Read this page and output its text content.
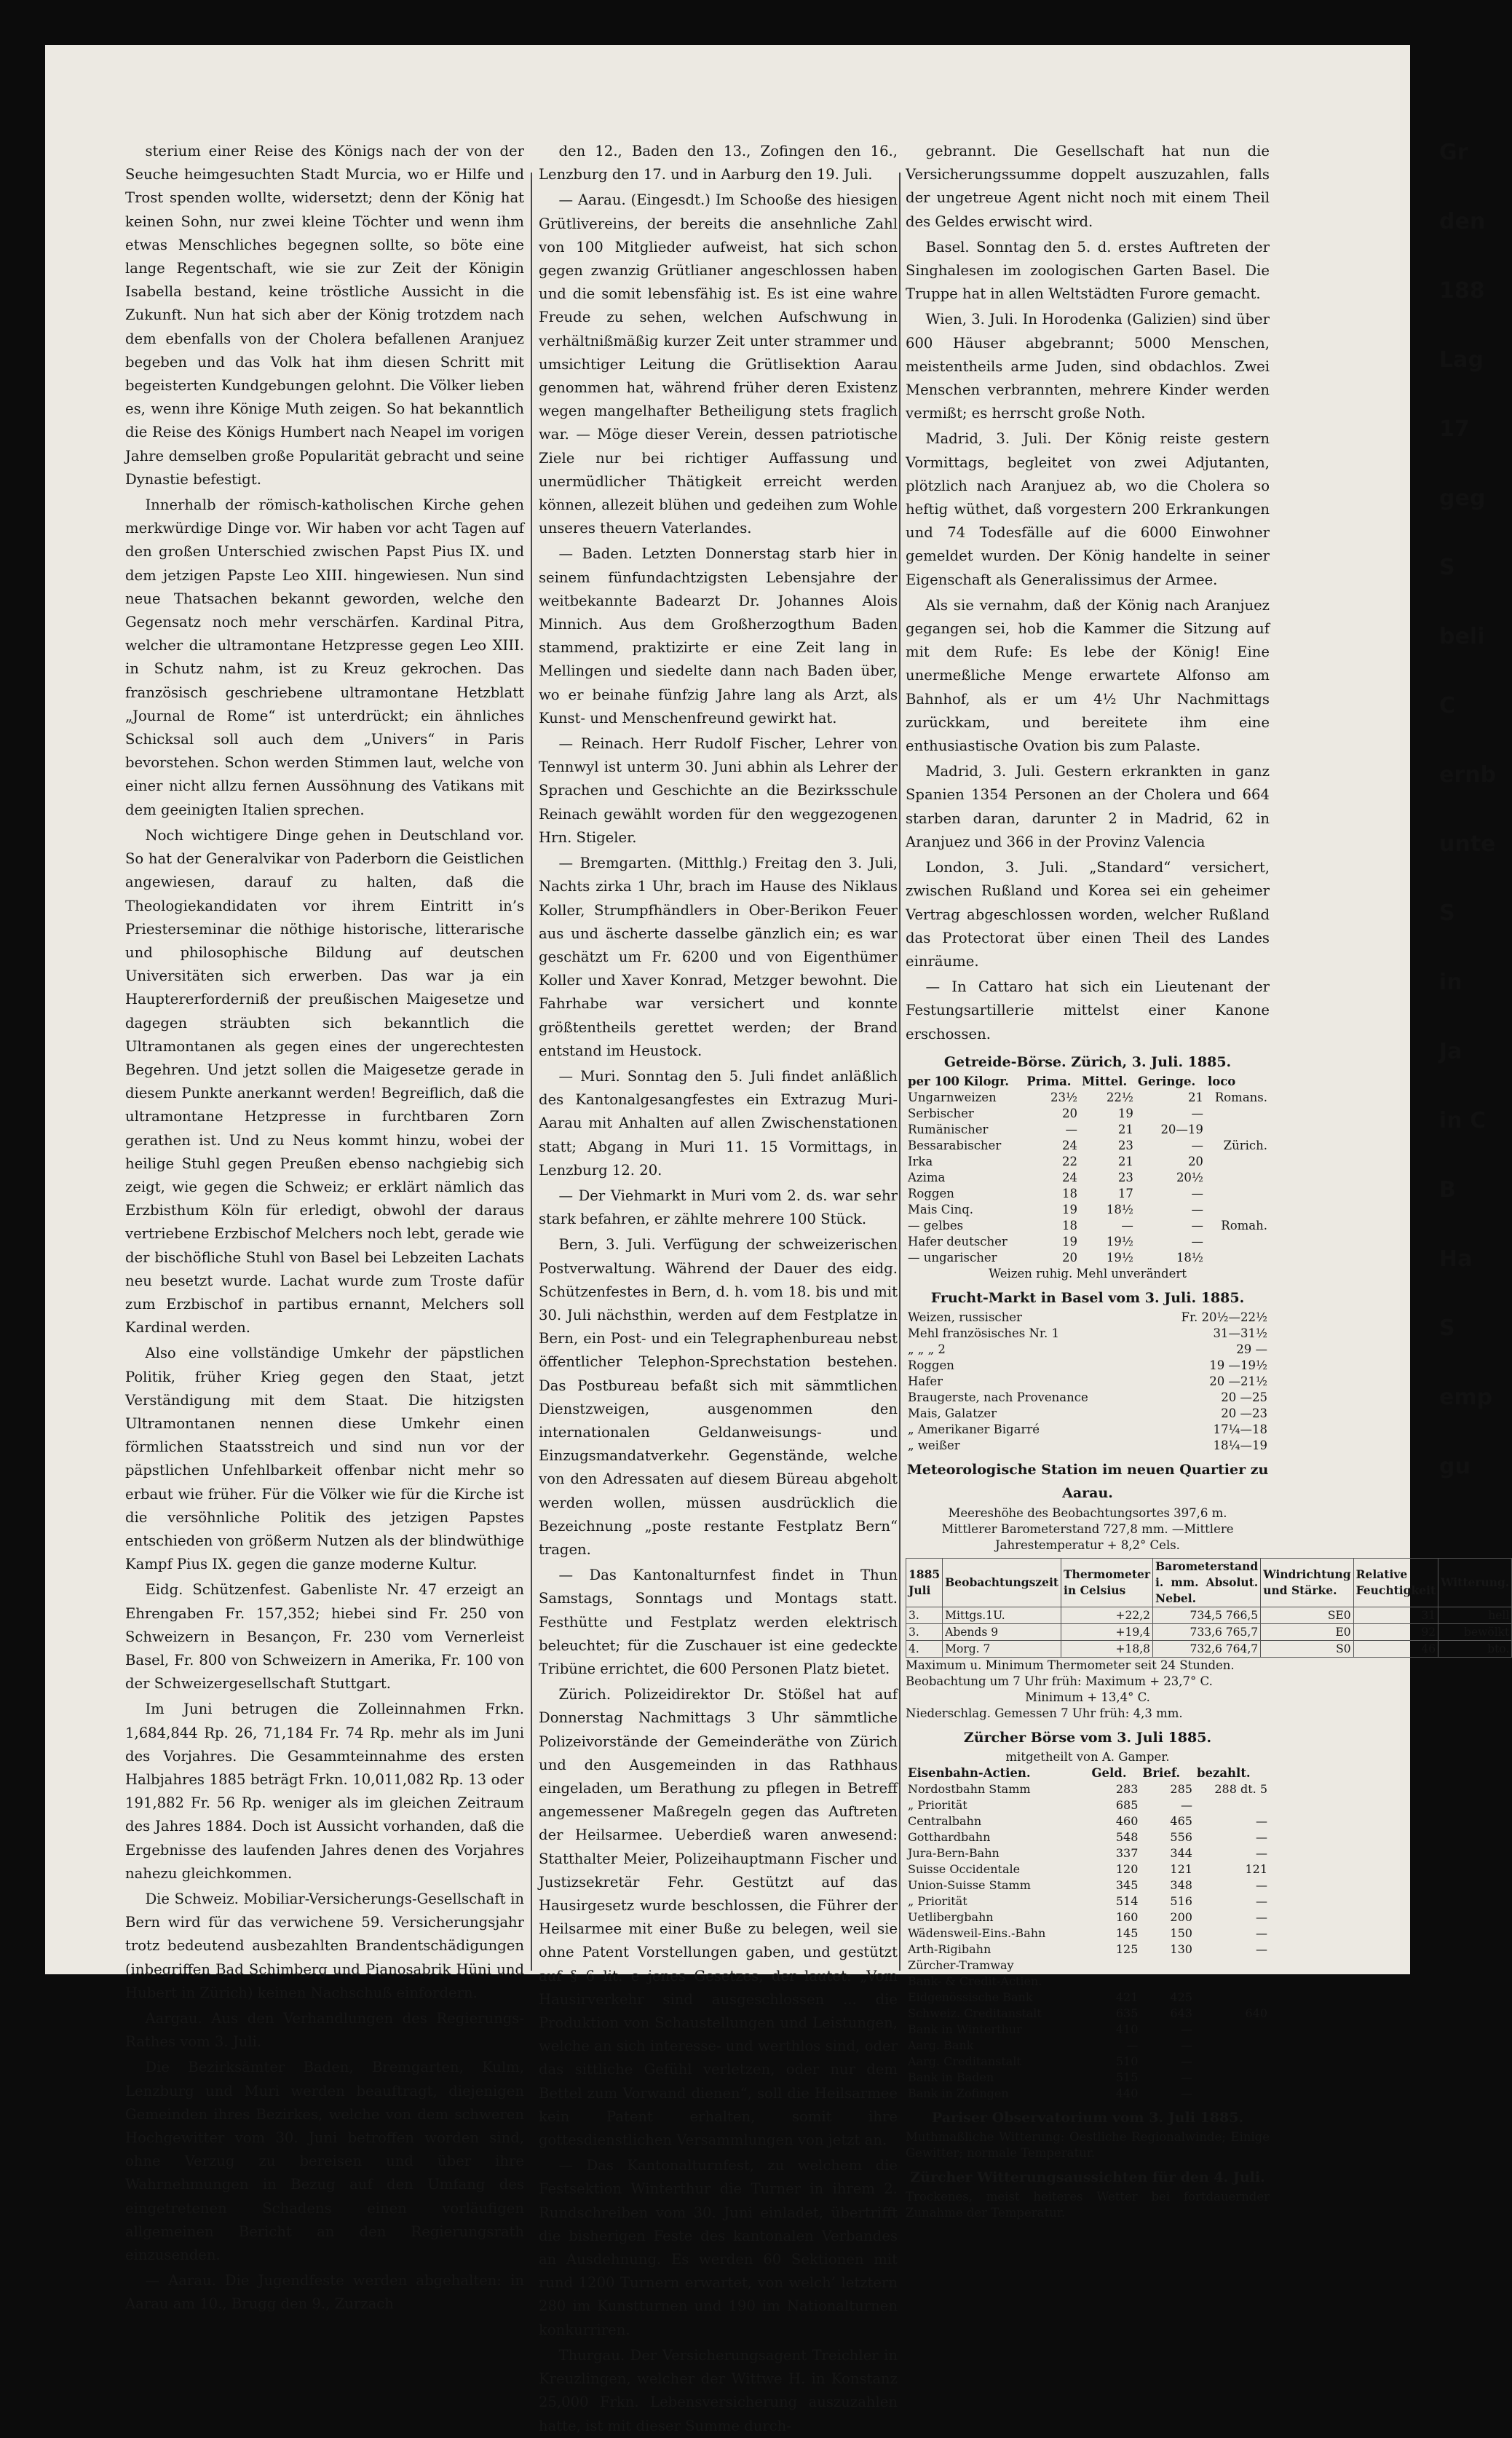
sterium einer Reise des Königs nach der von der Seuche heimgesuchten Stadt Murcia, wo er Hilfe und Trost spenden wollte, widersetzt; denn der König hat keinen Sohn, nur zwei kleine Töchter und wenn ihm etwas Menschliches begegnen sollte, so böte eine lange Regentschaft, wie sie zur Zeit der Königin Isabella bestand, keine tröstliche Aussicht in die Zukunft. Nun hat sich aber der König trotzdem nach dem ebenfalls von der Cholera befallenen Aranjuez begeben und das Volk hat ihm diesen Schritt mit begeisterten Kundgebungen gelohnt. Die Völker lieben es, wenn ihre Könige Muth zeigen. So hat bekanntlich die Reise des Königs Humbert nach Neapel im vorigen Jahre demselben große Popularität gebracht und seine Dynastie befestigt.

Innerhalb der römisch-katholischen Kirche gehen merkwürdige Dinge vor. Wir haben vor acht Tagen auf den großen Unterschied zwischen Papst Pius IX. und dem jetzigen Papste Leo XIII. hingewiesen. Nun sind neue Thatsachen bekannt geworden, welche den Gegensatz noch mehr verschärfen. Kardinal Pitra, welcher die ultramontane Hetzpresse gegen Leo XIII. in Schutz nahm, ist zu Kreuz gekrochen. Das französisch geschriebene ultramontane Hetzblatt „Journal de Rome“ ist unterdrückt; ein ähnliches Schicksal soll auch dem „Univers“ in Paris bevorstehen. Schon werden Stimmen laut, welche von einer nicht allzu fernen Aussöhnung des Vatikans mit dem geeinigten Italien sprechen.

Noch wichtigere Dinge gehen in Deutschland vor. So hat der Generalvikar von Paderborn die Geistlichen angewiesen, darauf zu halten, daß die Theologiekandidaten vor ihrem Eintritt in’s Priesterseminar die nöthige historische, litterarische und philosophische Bildung auf deutschen Universitäten sich erwerben. Das war ja ein Hauptererforderniß der preußischen Maigesetze und dagegen sträubten sich bekanntlich die Ultramontanen als gegen eines der ungerechtesten Begehren. Und jetzt sollen die Maigesetze gerade in diesem Punkte anerkannt werden! Begreiflich, daß die ultramontane Hetzpresse in furchtbaren Zorn gerathen ist. Und zu Neus kommt hinzu, wobei der heilige Stuhl gegen Preußen ebenso nachgiebig sich zeigt, wie gegen die Schweiz; er erklärt nämlich das Erzbisthum Köln für erledigt, obwohl der daraus vertriebene Erzbischof Melchers noch lebt, gerade wie der bischöfliche Stuhl von Basel bei Lebzeiten Lachats neu besetzt wurde. Lachat wurde zum Troste dafür zum Erzbischof in partibus ernannt, Melchers soll Kardinal werden.

Also eine vollständige Umkehr der päpstlichen Politik, früher Krieg gegen den Staat, jetzt Verständigung mit dem Staat. Die hitzigsten Ultramontanen nennen diese Umkehr einen förmlichen Staatsstreich und sind nun vor der päpstlichen Unfehlbarkeit offenbar nicht mehr so erbaut wie früher. Für die Völker wie für die Kirche ist die versöhnliche Politik des jetzigen Papstes entschieden von größerm Nutzen als der blindwüthige Kampf Pius IX. gegen die ganze moderne Kultur.

Eidg. Schützenfest. Gabenliste Nr. 47 erzeigt an Ehrengaben Fr. 157,352; hiebei sind Fr. 250 von Schweizern in Besançon, Fr. 230 vom Vernerleist Basel, Fr. 800 von Schweizern in Amerika, Fr. 100 von der Schweizergesellschaft Stuttgart.

Im Juni betrugen die Zolleinnahmen Frkn. 1,684,844 Rp. 26, 71,184 Fr. 74 Rp. mehr als im Juni des Vorjahres. Die Gesammteinnahme des ersten Halbjahres 1885 beträgt Frkn. 10,011,082 Rp. 13 oder 191,882 Fr. 56 Rp. weniger als im gleichen Zeitraum des Jahres 1884. Doch ist Aussicht vorhanden, daß die Ergebnisse des laufenden Jahres denen des Vorjahres nahezu gleichkommen.

Die Schweiz. Mobiliar-Versicherungs-Gesellschaft in Bern wird für das verwichene 59. Versicherungsjahr trotz bedeutend ausbezahlten Brandentschädigungen (inbegriffen Bad Schimberg und Pianosabrik Hüni und Hubert in Zürich) keinen Nachschuß einfordern.

Aargau. Aus den Verhandlungen des Regierungs-Rathes vom 3. Juli.

Die Bezirksämter Baden, Bremgarten, Kulm, Lenzburg und Muri werden beauftragt, diejenigen Gemeinden ihres Bezirkes, welche von dem schweren Hochgewitter vom 30. Juni betroffen worden sind, ohne Verzug zu bereisen und über ihre Wahrnehmungen in Bezug auf den Umfang des eingetretenen Schadens einen vorläufigen allgemeinen Bericht an den Regierungsrath einzusenden.

— Aarau. Die Jugendfeste werden abgehalten: in Aarau am 10., Brugg den 9., Zurzach

den 12., Baden den 13., Zofingen den 16., Lenzburg den 17. und in Aarburg den 19. Juli.

— Aarau. (Eingesdt.) Im Schooße des hiesigen Grütlivereins, der bereits die ansehnliche Zahl von 100 Mitglieder aufweist, hat sich schon gegen zwanzig Grütlianer angeschlossen haben und die somit lebensfähig ist. Es ist eine wahre Freude zu sehen, welchen Aufschwung in verhältnißmäßig kurzer Zeit unter strammer und umsichtiger Leitung die Grütlisektion Aarau genommen hat, während früher deren Existenz wegen mangelhafter Betheiligung stets fraglich war. — Möge dieser Verein, dessen patriotische Ziele nur bei richtiger Auffassung und unermüdlicher Thätigkeit erreicht werden können, allezeit blühen und gedeihen zum Wohle unseres theuern Vaterlandes.

— Baden. Letzten Donnerstag starb hier in seinem fünfundachtzigsten Lebensjahre der weitbekannte Badearzt Dr. Johannes Alois Minnich. Aus dem Großherzogthum Baden stammend, praktizirte er eine Zeit lang in Mellingen und siedelte dann nach Baden über, wo er beinahe fünfzig Jahre lang als Arzt, als Kunst- und Menschenfreund gewirkt hat.

— Reinach. Herr Rudolf Fischer, Lehrer von Tennwyl ist unterm 30. Juni abhin als Lehrer der Sprachen und Geschichte an die Bezirksschule Reinach gewählt worden für den weggezogenen Hrn. Stigeler.

— Bremgarten. (Mitthlg.) Freitag den 3. Juli, Nachts zirka 1 Uhr, brach im Hause des Niklaus Koller, Strumpfhändlers in Ober-Berikon Feuer aus und äscherte dasselbe gänzlich ein; es war geschätzt um Fr. 6200 und von Eigenthümer Koller und Xaver Konrad, Metzger bewohnt. Die Fahrhabe war versichert und konnte größtentheils gerettet werden; der Brand entstand im Heustock.

— Muri. Sonntag den 5. Juli findet anläßlich des Kantonalgesangfestes ein Extrazug Muri-Aarau mit Anhalten auf allen Zwischenstationen statt; Abgang in Muri 11. 15 Vormittags, in Lenzburg 12. 20.

— Der Viehmarkt in Muri vom 2. ds. war sehr stark befahren, er zählte mehrere 100 Stück.

Bern, 3. Juli. Verfügung der schweizerischen Postverwaltung. Während der Dauer des eidg. Schützenfestes in Bern, d. h. vom 18. bis und mit 30. Juli nächsthin, werden auf dem Festplatze in Bern, ein Post- und ein Telegraphenbureau nebst öffentlicher Telephon-Sprechstation bestehen. Das Postbureau befaßt sich mit sämmtlichen Dienstzweigen, ausgenommen den internationalen Geldanweisungs- und Einzugsmandatverkehr. Gegenstände, welche von den Adressaten auf diesem Büreau abgeholt werden wollen, müssen ausdrücklich die Bezeichnung „poste restante Festplatz Bern“ tragen.

— Das Kantonalturnfest findet in Thun Samstags, Sonntags und Montags statt. Festhütte und Festplatz werden elektrisch beleuchtet; für die Zuschauer ist eine gedeckte Tribüne errichtet, die 600 Personen Platz bietet.

Zürich. Polizeidirektor Dr. Stößel hat auf Donnerstag Nachmittags 3 Uhr sämmtliche Polizeivorstände der Gemeinderäthe von Zürich und den Ausgemeinden in das Rathhaus eingeladen, um Berathung zu pflegen in Betreff angemessener Maßregeln gegen das Auftreten der Heilsarmee. Ueberdieß waren anwesend: Statthalter Meier, Polizeihauptmann Fischer und Justizsekretär Fehr. Gestützt auf das Hausirgesetz wurde beschlossen, die Führer der Heilsarmee mit einer Buße zu belegen, weil sie ohne Patent Vorstellungen gaben, und gestützt auf § 6 lit. e jenes Gesetzes, der lautet: „Vom Hausirverkehr sind ausgeschlossen ... die Produktion von Schaustellungen und Leistungen, welche an sich interesse- und werthlos sind, oder das sittliche Gefühl verletzen, oder nur dem Bettel zum Vorwand dienen“, soll die Heilsarmee kein Patent erhalten, somit ihre gottesdienstlichen Versammlungen von jetzt an.

— Das Kantonalturnfest, zu welchem die Festsektion Winterthur die Turner in ihrem 2. Rundschreiben vom 30. Juni einladet, übertrifft die bisherigen Feste des kantonalen Verbandes an Ausdehnung. Es werden 60 Sektionen mit rund 1200 Turnern erwartet, von welch’ letztern 280 im Kunstturnen und 190 im Nationalturnen konkurriren.

Thurgau. Der Versicherungsagent Treichler in Kreuzlingen, welcher der Wittwe H. in Konstanz 25,000 Frkn. Lebensversicherung auszuzahlen hatte, ist mit dieser Summe durch-

gebrannt. Die Gesellschaft hat nun die Versicherungssumme doppelt auszuzahlen, falls der ungetreue Agent nicht noch mit einem Theil des Geldes erwischt wird.

Basel. Sonntag den 5. d. erstes Auftreten der Singhalesen im zoologischen Garten Basel. Die Truppe hat in allen Weltstädten Furore gemacht.

Wien, 3. Juli. In Horodenka (Galizien) sind über 600 Häuser abgebrannt; 5000 Menschen, meistentheils arme Juden, sind obdachlos. Zwei Menschen verbrannten, mehrere Kinder werden vermißt; es herrscht große Noth.

Madrid, 3. Juli. Der König reiste gestern Vormittags, begleitet von zwei Adjutanten, plötzlich nach Aranjuez ab, wo die Cholera so heftig wüthet, daß vorgestern 200 Erkrankungen und 74 Todesfälle auf die 6000 Einwohner gemeldet wurden. Der König handelte in seiner Eigenschaft als Generalissimus der Armee.

Als sie vernahm, daß der König nach Aranjuez gegangen sei, hob die Kammer die Sitzung auf mit dem Rufe: Es lebe der König! Eine unermeßliche Menge erwartete Alfonso am Bahnhof, als er um 4½ Uhr Nachmittags zurückkam, und bereitete ihm eine enthusiastische Ovation bis zum Palaste.

Madrid, 3. Juli. Gestern erkrankten in ganz Spanien 1354 Personen an der Cholera und 664 starben daran, darunter 2 in Madrid, 62 in Aranjuez und 366 in der Provinz Valencia

London, 3. Juli. „Standard“ versichert, zwischen Rußland und Korea sei ein geheimer Vertrag abgeschlossen worden, welcher Rußland das Protectorat über einen Theil des Landes einräume.

— In Cattaro hat sich ein Lieutenant der Festungsartillerie mittelst einer Kanone erschossen.

Getreide-Börse. Zürich, 3. Juli. 1885.
per 100 Kilogr.	Prima.	Mittel.	Geringe.	loco
Ungarnweizen	23½	22½	21	Romans.
Serbischer	20	19	—	
Rumänischer	—	21	20—19	
Bessarabischer	24	23	—	Zürich.
Irka	22	21	20	
Azima	24	23	20½	
Roggen	18	17	—	
Mais Cinq.	19	18½	—	
— gelbes	18	—	—	Romah.
Hafer deutscher	19	19½	—	
— ungarischer	20	19½	18½	
Weizen ruhig. Mehl unverändert
Frucht-Markt in Basel vom 3. Juli. 1885.
Weizen, russischer	Fr. 20½—22½
Mehl französisches Nr. 1	31—31½
„ „ „ 2	29 —
Roggen	19 —19½
Hafer	20 —21½
Braugerste, nach Provenance	20 —25
Mais, Galatzer	20 —23
„ Amerikaner Bigarré	17¼—18
„ weißer	18¼—19
Meteorologische Station im neuen Quartier zu Aarau.
Meereshöhe des Beobachtungsortes 397,6 m.
Mittlerer Barometerstand 727,8 mm. —Mittlere Jahrestemperatur + 8,2° Cels.
1885 Juli	Beobachtungszeit	Thermometer in Celsius	Barometerstand i. mm. Absolut. Nebel.	Windrichtung und Stärke.	Relative Feuchtigkeit	Witterung.
3.	Mittgs.1U.	+22,2	734,5 766,5	SE0	31	hell
3.	Abends 9	+19,4	733,6 765,7	E0	92	bewölkt
4.	Morg. 7	+18,8	732,6 764,7	S0	46	bto.
Maximum u. Minimum Thermometer seit 24 Stunden.
Beobachtung um 7 Uhr früh: Maximum + 23,7° C.
Minimum + 13,4° C.
Niederschlag. Gemessen 7 Uhr früh: 4,3 mm.
Zürcher Börse vom 3. Juli 1885.
mitgetheilt von A. Gamper.
Eisenbahn-Actien.	Geld.	Brief.	bezahlt.
Nordostbahn Stamm	283	285	288 dt. 5
„ Priorität	685	—	
Centralbahn	460	465	—
Gotthardbahn	548	556	—
Jura-Bern-Bahn	337	344	—
Suisse Occidentale	120	121	121
Union-Suisse Stamm	345	348	—
„ Priorität	514	516	—
Uetlibergbahn	160	200	—
Wädensweil-Eins.-Bahn	145	150	—
Arth-Rigibahn	125	130	—
Zürcher-Tramway			
Bank- & Credit-Actien.			
Eidgenössische Bank	421	425	
Schweiz. Creditanstalt	635	643	640
Bank in Winterthur	410	—	
Aarg. Bank	—	—	
Aarg. Creditanstalt	510	—	
Bank in Baden	515	—	
Bank in Zofingen	440	—	
Pariser Observatorium vom 3. Juli 1885.
Muthmaßliche Witterung: Oestliche Regionalwinde; Einige Gewitter; normale Temperatur.
Zürcher Witterungsaussichten für den 4. Juli.
Trockenes, meist heiteres Wetter bei fortdauernder Zunahme der Temperatur.
Gr
den
188
Lag
17
geg
S
beli
C
ernb
unte
S
in
Ja
in C
B
Ha
S
emp
gu
